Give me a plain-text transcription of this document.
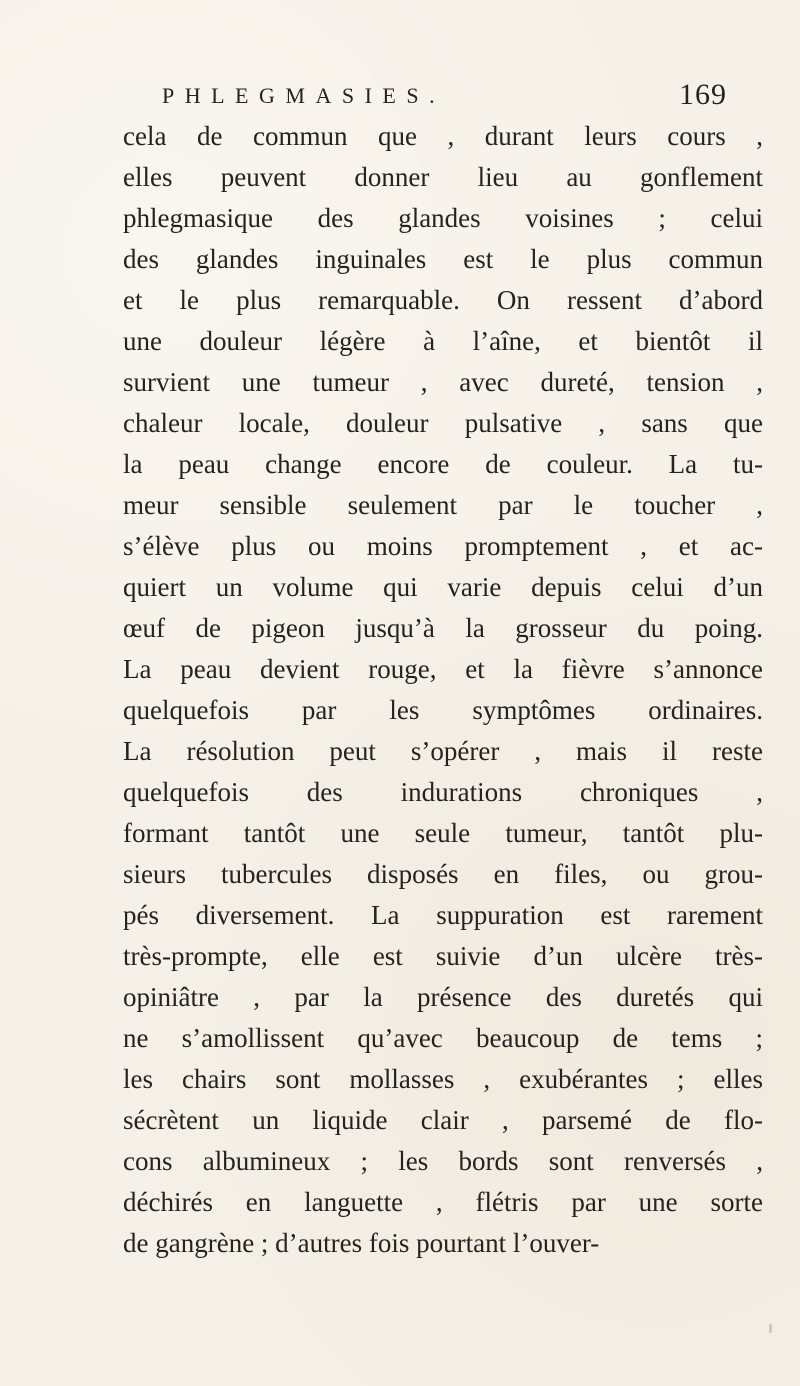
PHLEGMASIES.	169
cela de commun que , durant leurs cours ,
elles peuvent donner lieu au gonflement
phlegmasique des glandes voisines ; celui
des glandes inguinales est le plus commun
et le plus remarquable. On ressent d’abord
une douleur légère à l’aîne, et bientôt il
survient une tumeur , avec dureté, tension ,
chaleur locale, douleur pulsative , sans que
la peau change encore de couleur. La tu-
meur sensible seulement par le toucher ,
s’élève plus ou moins promptement , et ac-
quiert un volume qui varie depuis celui d’un
œuf de pigeon jusqu’à la grosseur du poing.
La peau devient rouge, et la fièvre s’annonce
quelquefois par les symptômes ordinaires.
La résolution peut s’opérer , mais il reste
quelquefois des indurations chroniques ,
formant tantôt une seule tumeur, tantôt plu-
sieurs tubercules disposés en files, ou grou-
pés diversement. La suppuration est rarement
très-prompte, elle est suivie d’un ulcère très-
opiniâtre , par la présence des duretés qui
ne s’amollissent qu’avec beaucoup de tems ;
les chairs sont mollasses , exubérantes ; elles
sécrètent un liquide clair , parsemé de flo-
cons albumineux ; les bords sont renversés ,
déchirés en languette , flétris par une sorte
de gangrène ; d’autres fois pourtant l’ouver-
